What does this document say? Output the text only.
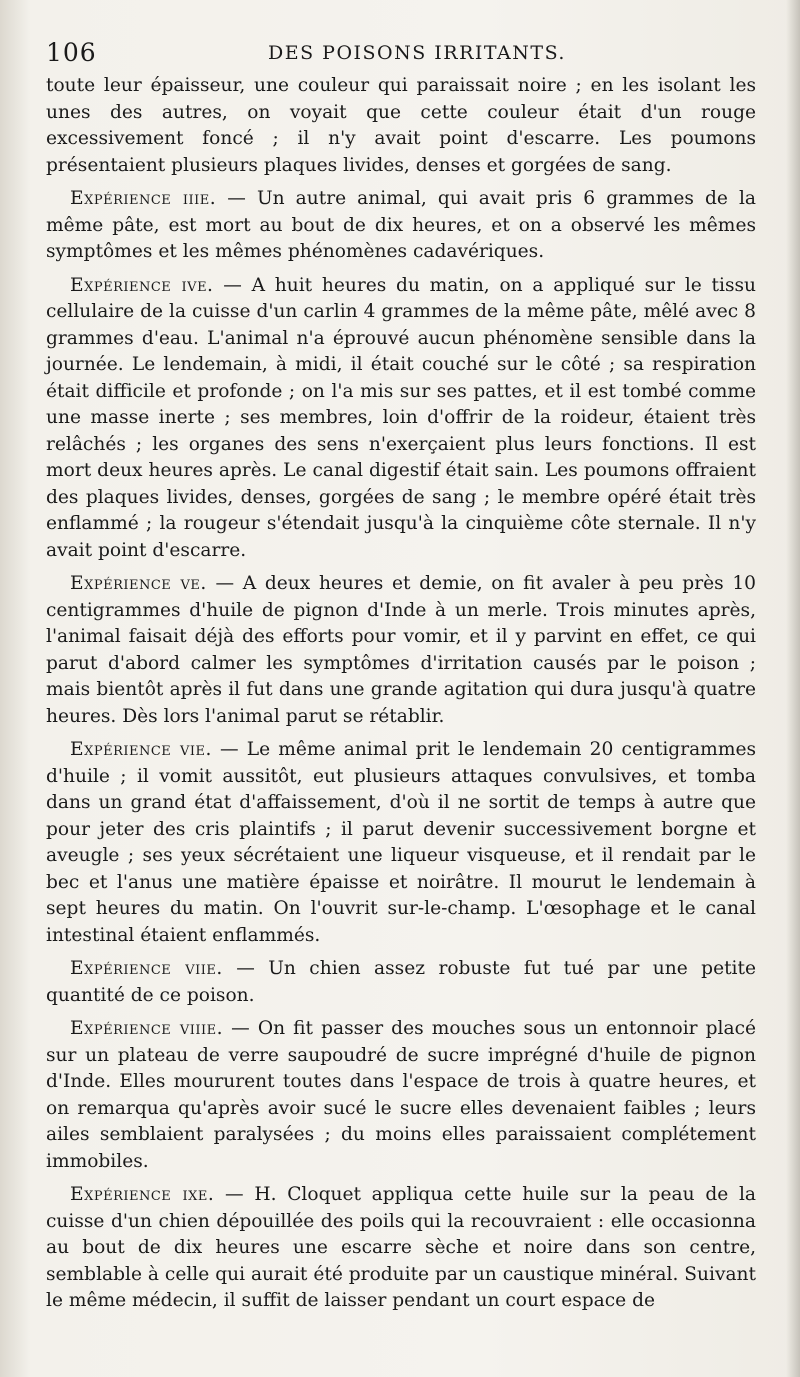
106	DES POISONS IRRITANTS.

toute leur épaisseur, une couleur qui paraissait noire ; en les isolant les unes des autres, on voyait que cette couleur était d'un rouge excessivement foncé ; il n'y avait point d'escarre. Les poumons présentaient plusieurs plaques livides, denses et gorgées de sang.

Expérience iiie. — Un autre animal, qui avait pris 6 grammes de la même pâte, est mort au bout de dix heures, et on a observé les mêmes symptômes et les mêmes phénomènes cadavériques.

Expérience ive. — A huit heures du matin, on a appliqué sur le tissu cellulaire de la cuisse d'un carlin 4 grammes de la même pâte, mêlé avec 8 grammes d'eau. L'animal n'a éprouvé aucun phénomène sensible dans la journée. Le lendemain, à midi, il était couché sur le côté ; sa respiration était difficile et profonde ; on l'a mis sur ses pattes, et il est tombé comme une masse inerte ; ses membres, loin d'offrir de la roideur, étaient très relâchés ; les organes des sens n'exerçaient plus leurs fonctions. Il est mort deux heures après. Le canal digestif était sain. Les poumons offraient des plaques livides, denses, gorgées de sang ; le membre opéré était très enflammé ; la rougeur s'étendait jusqu'à la cinquième côte sternale. Il n'y avait point d'escarre.

Expérience ve. — A deux heures et demie, on fit avaler à peu près 10 centigrammes d'huile de pignon d'Inde à un merle. Trois minutes après, l'animal faisait déjà des efforts pour vomir, et il y parvint en effet, ce qui parut d'abord calmer les symptômes d'irritation causés par le poison ; mais bientôt après il fut dans une grande agitation qui dura jusqu'à quatre heures. Dès lors l'animal parut se rétablir.

Expérience vie. — Le même animal prit le lendemain 20 centigrammes d'huile ; il vomit aussitôt, eut plusieurs attaques convulsives, et tomba dans un grand état d'affaissement, d'où il ne sortit de temps à autre que pour jeter des cris plaintifs ; il parut devenir successivement borgne et aveugle ; ses yeux sécrétaient une liqueur visqueuse, et il rendait par le bec et l'anus une matière épaisse et noirâtre. Il mourut le lendemain à sept heures du matin. On l'ouvrit sur-le-champ. L'œsophage et le canal intestinal étaient enflammés.

Expérience viie. — Un chien assez robuste fut tué par une petite quantité de ce poison.

Expérience viiie. — On fit passer des mouches sous un entonnoir placé sur un plateau de verre saupoudré de sucre imprégné d'huile de pignon d'Inde. Elles moururent toutes dans l'espace de trois à quatre heures, et on remarqua qu'après avoir sucé le sucre elles devenaient faibles ; leurs ailes semblaient paralysées ; du moins elles paraissaient complétement immobiles.

Expérience ixe. — H. Cloquet appliqua cette huile sur la peau de la cuisse d'un chien dépouillée des poils qui la recouvraient : elle occasionna au bout de dix heures une escarre sèche et noire dans son centre, semblable à celle qui aurait été produite par un caustique minéral. Suivant le même médecin, il suffit de laisser pendant un court espace de
